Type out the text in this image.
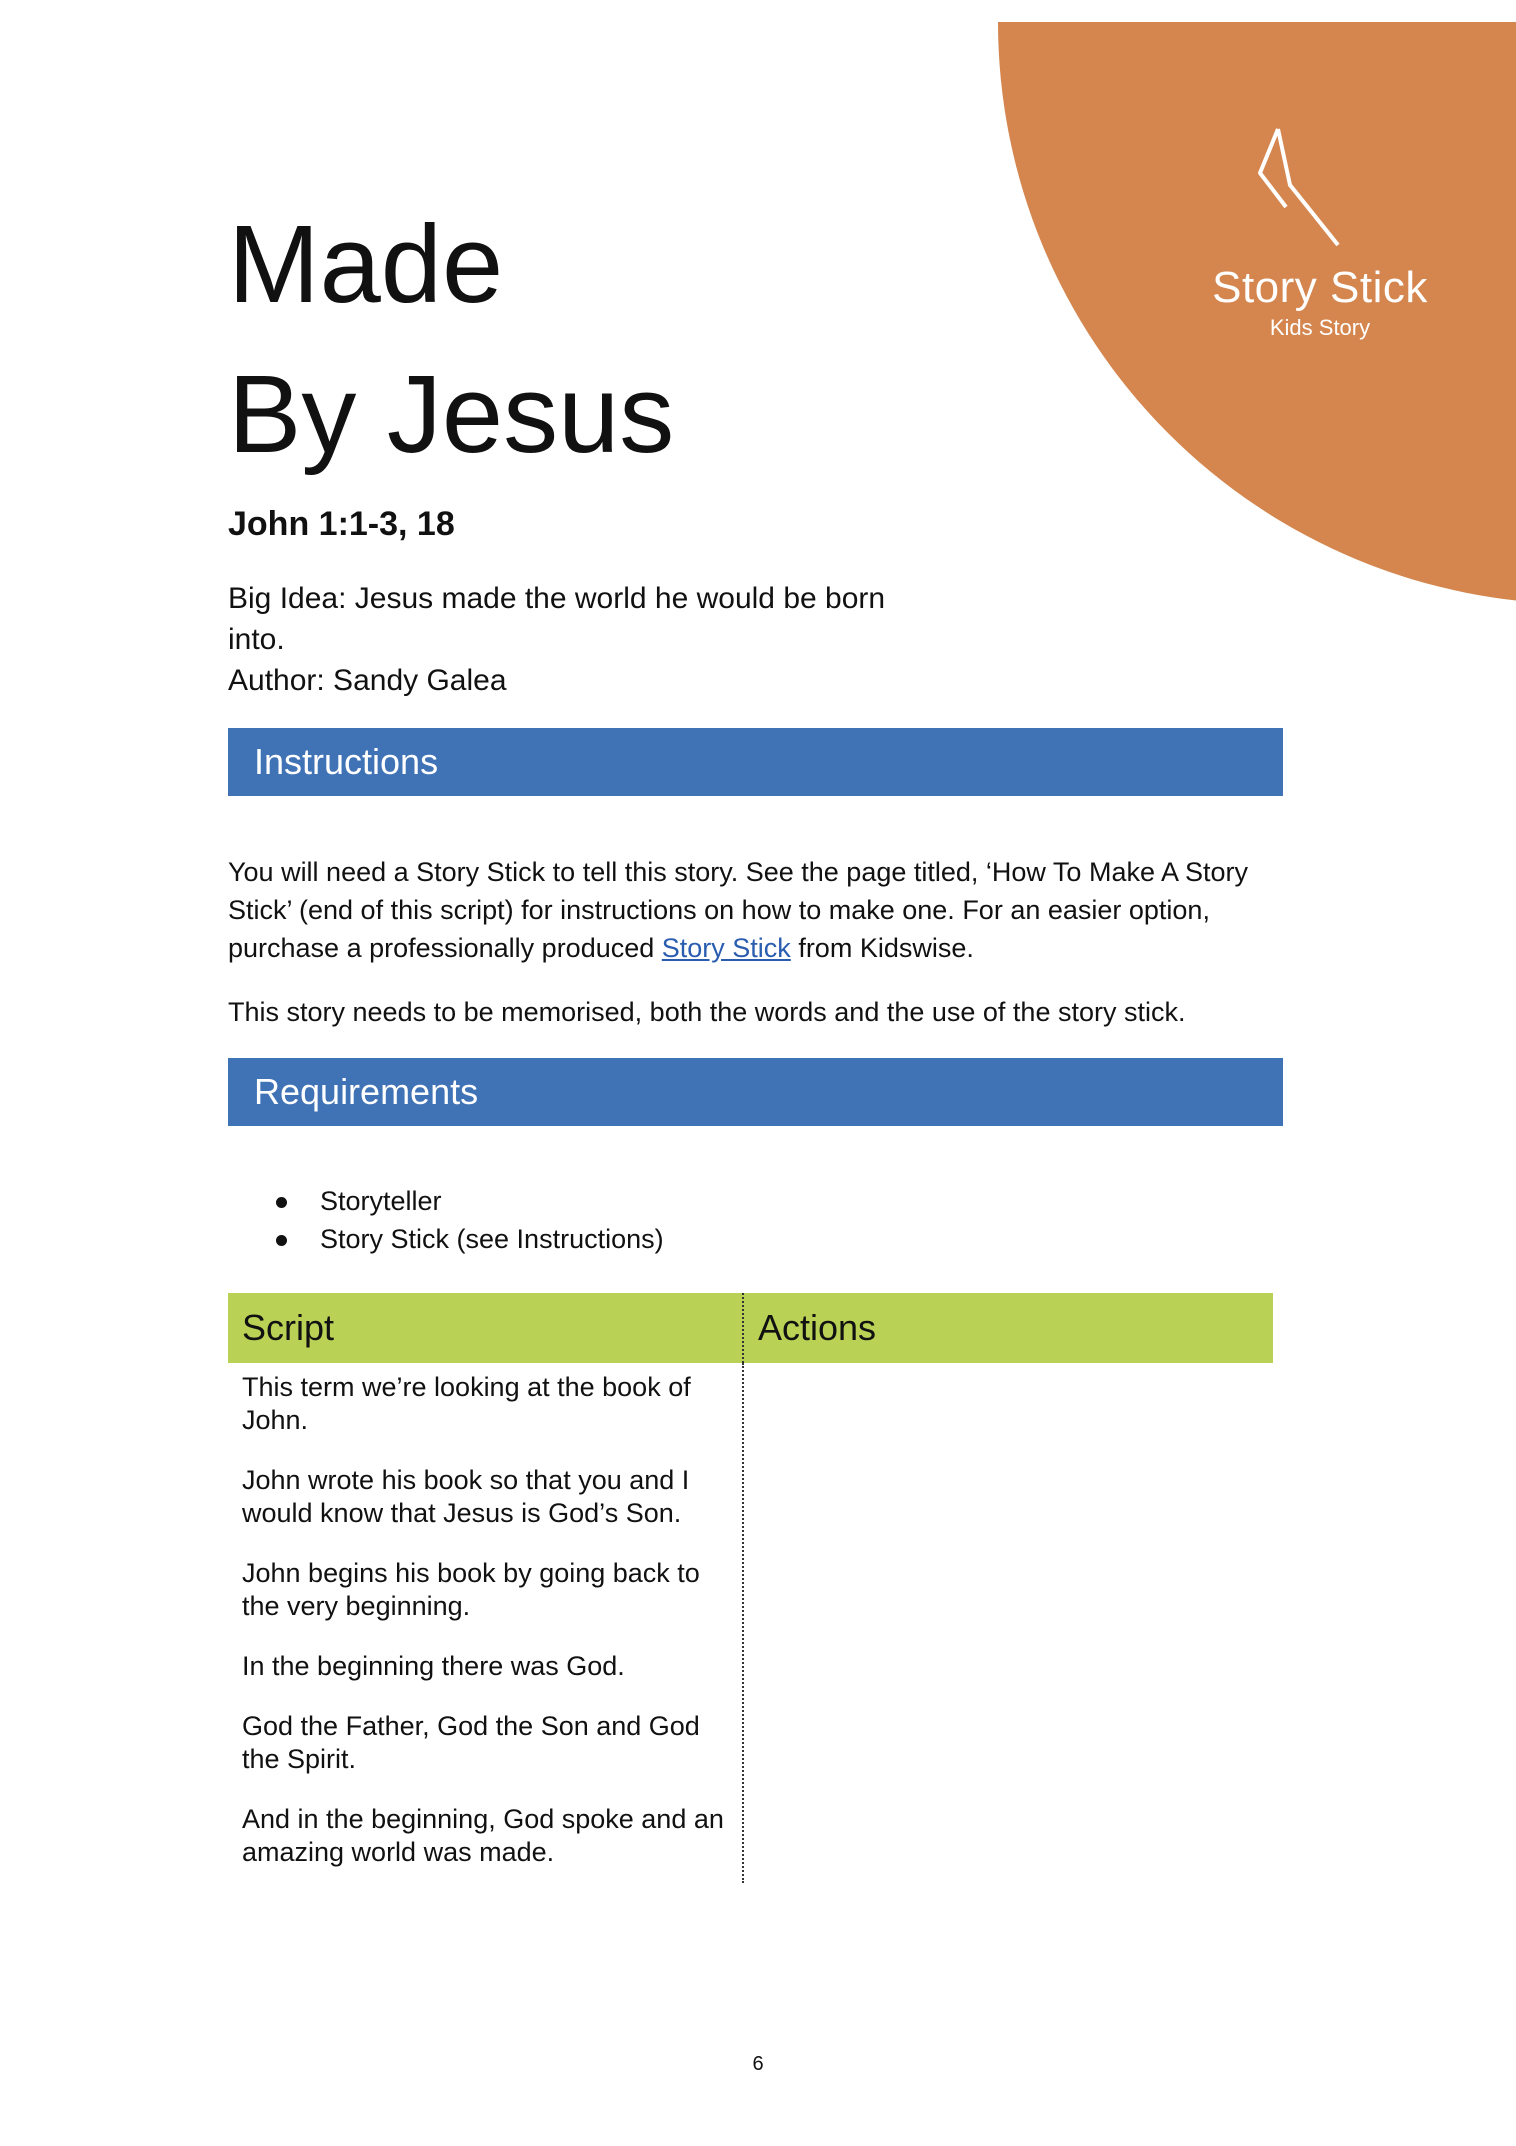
Story Stick
Kids Story
Made
By Jesus
John 1:1-3, 18
Big Idea: Jesus made the world he would be born
into.
Author: Sandy Galea
Instructions

You will need a Story Stick to tell this story. See the page titled, ‘How To Make A Story Stick’ (end of this script) for instructions on how to make one. For an easier option, purchase a professionally produced Story Stick from Kidswise.

This story needs to be memorised, both the words and the use of the story stick.

Requirements
Storyteller
Story Stick (see Instructions)
Script	Actions

This term we’re looking at the book of John.

John wrote his book so that you and I would know that Jesus is God’s Son.

John begins his book by going back to the very beginning.

In the beginning there was God.

God the Father, God the Son and God the Spirit.

And in the beginning, God spoke and an amazing world was made.

6
